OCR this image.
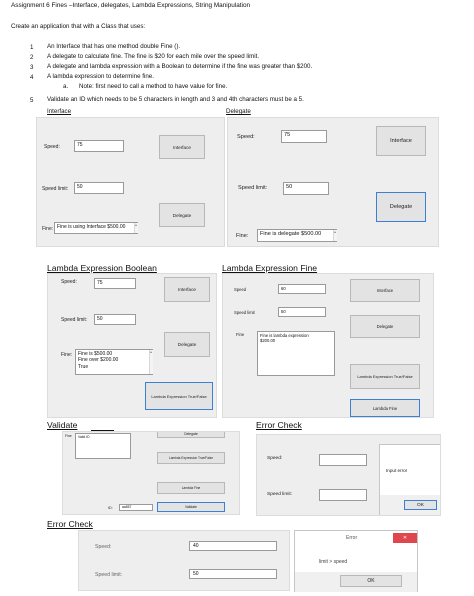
Assignment 6 Fines –Interface, delegates, Lambda Expressions, String Manipulation
Create an application that with a Class that uses:
1 An Interface that has one method double Fine ().
2 A delegate to calculate fine. The fine is $20 for each mile over the speed limit.
3 A delegate and lambda expression with a Boolean to determine if the fine was greater than $200.
4 A lambda expression to determine fine.
a. Note: first need to call a method to have value for fine.
5 Validate an ID which needs to be 5 characters in length and 3 and 4th characters must be a 5.
Interface
Speed:	75
Speed limit:	50
Fine: Fine is using Interface $500.00
Interface
Delegate
Delegate
Speed:	75
Speed limit:	50
Fine:	Fine is delegate $500.00
Interface
Delegate
Lambda Expression Boolean
Speed:	75
Speed limit:	50
Fine:	Fine is $500.00
Fine over $200.00
True
Interface
Delegate
Lambda Expression True/False
Lambda Expression Fine
Speed	60
Speed limit	50
Fine	Fine is lambda expression
$200.00
Interface
Delegate
Lambda Expression True/False
Lambda Fine
Validate
Fine	Valid ID
Delegate
Lambda Expression True/False
Lambda Fine
ID:	aa557	Validate
Error Check
Speed:
Speed limit:
Input error
OK
Error Check
Speed:	40
Speed limit:	50
Error	✕
limit > speed
OK
